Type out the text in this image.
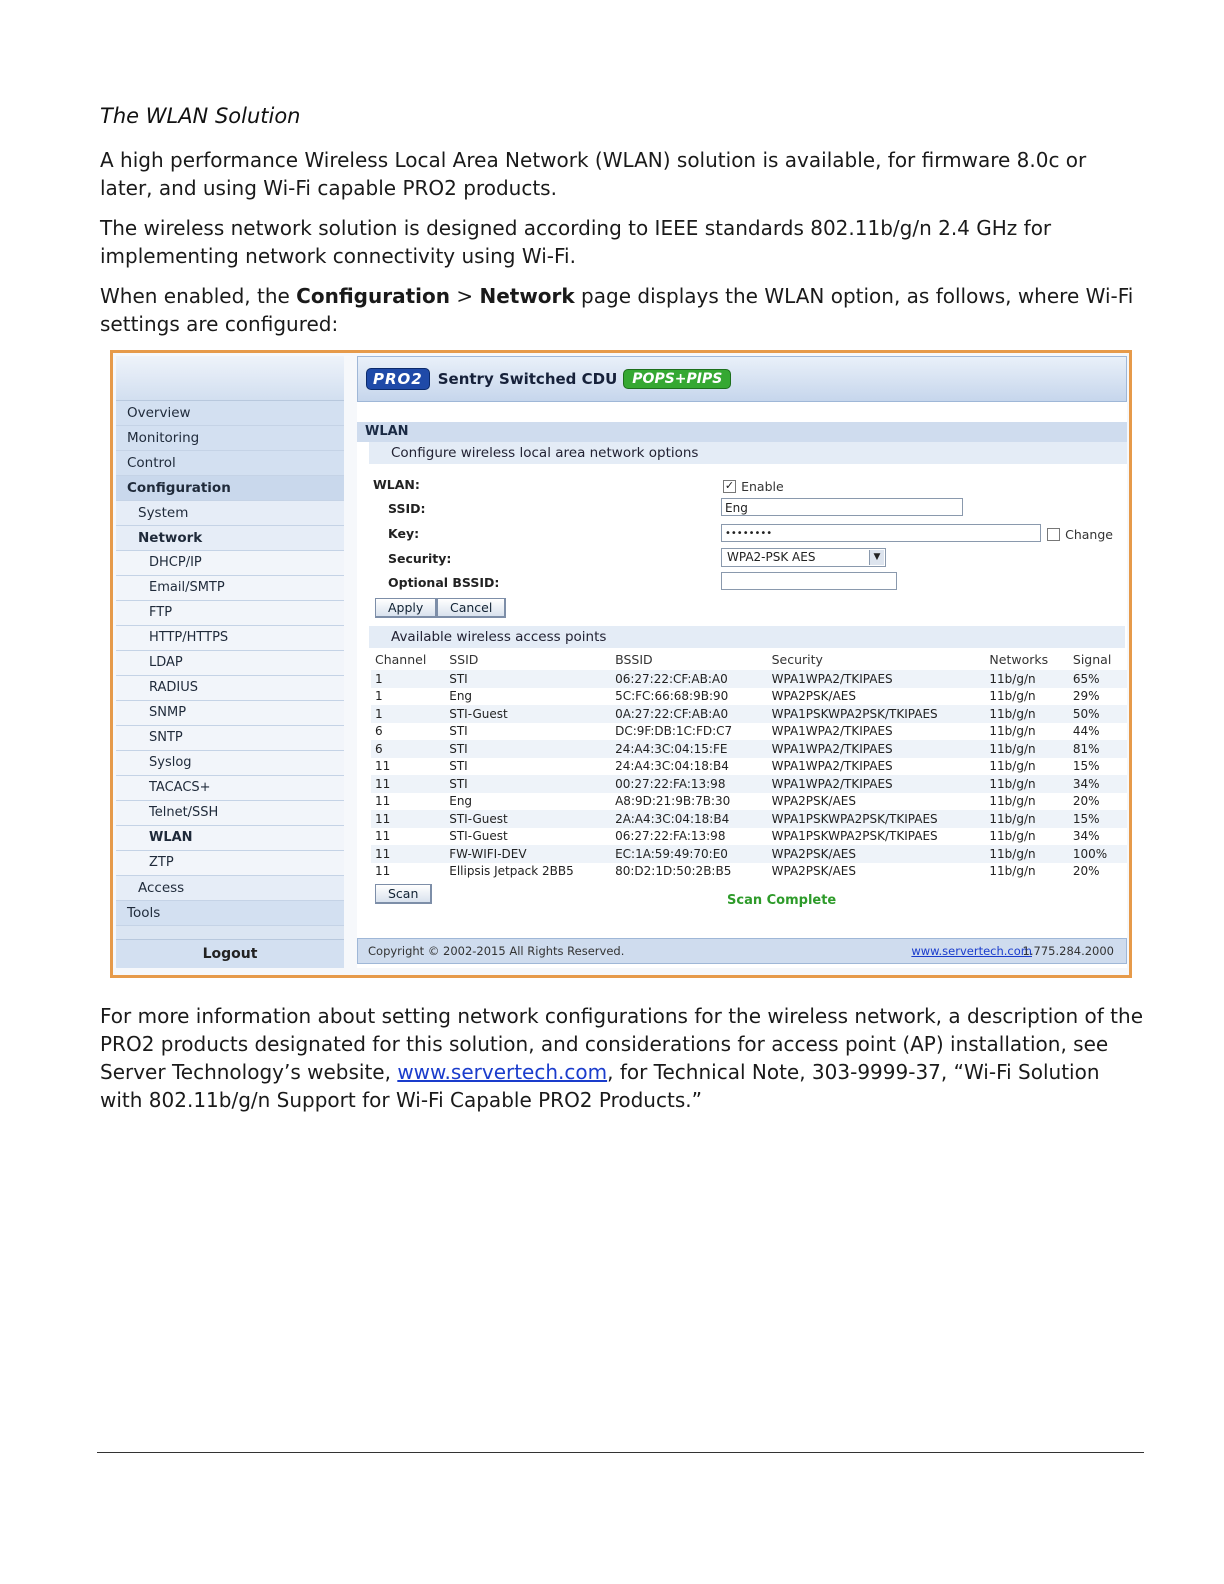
The WLAN Solution

A high performance Wireless Local Area Network (WLAN) solution is available, for firmware 8.0c or later, and using Wi-Fi capable PRO2 products.

The wireless network solution is designed according to IEEE standards 802.11b/g/n 2.4 GHz for implementing network connectivity using Wi-Fi.

When enabled, the Configuration > Network page displays the WLAN option, as follows, where Wi-Fi settings are configured:

Overview
Monitoring
Control
Configuration
System
Network
DHCP/IP
Email/SMTP
FTP
HTTP/HTTPS
LDAP
RADIUS
SNMP
SNTP
Syslog
TACACS+
Telnet/SSH
WLAN
ZTP
Access
Tools
Logout
PRO2	Sentry Switched CDU	POPS+PIPS
WLAN
Configure wireless local area network options
WLAN:	✓ Enable
SSID:	Eng
Key:	••••••••	Change
Security:	WPA2-PSK AES	▼
Optional BSSID:
Apply	Cancel
Available wireless access points
Channel	SSID	BSSID	Security	Networks	Signal
1	STI	06:27:22:CF:AB:A0	WPA1WPA2/TKIPAES	11b/g/n	65%
1	Eng	5C:FC:66:68:9B:90	WPA2PSK/AES	11b/g/n	29%
1	STI-Guest	0A:27:22:CF:AB:A0	WPA1PSKWPA2PSK/TKIPAES	11b/g/n	50%
6	STI	DC:9F:DB:1C:FD:C7	WPA1WPA2/TKIPAES	11b/g/n	44%
6	STI	24:A4:3C:04:15:FE	WPA1WPA2/TKIPAES	11b/g/n	81%
11	STI	24:A4:3C:04:18:B4	WPA1WPA2/TKIPAES	11b/g/n	15%
11	STI	00:27:22:FA:13:98	WPA1WPA2/TKIPAES	11b/g/n	34%
11	Eng	A8:9D:21:9B:7B:30	WPA2PSK/AES	11b/g/n	20%
11	STI-Guest	2A:A4:3C:04:18:B4	WPA1PSKWPA2PSK/TKIPAES	11b/g/n	15%
11	STI-Guest	06:27:22:FA:13:98	WPA1PSKWPA2PSK/TKIPAES	11b/g/n	34%
11	FW-WIFI-DEV	EC:1A:59:49:70:E0	WPA2PSK/AES	11b/g/n	100%
11	Ellipsis Jetpack 2BB5	80:D2:1D:50:2B:B5	WPA2PSK/AES	11b/g/n	20%
Scan	Scan Complete
Copyright © 2002-2015 All Rights Reserved.	www.servertech.com
1.775.284.2000

For more information about setting network configurations for the wireless network, a description of the PRO2 products designated for this solution, and considerations for access point (AP) installation, see Server Technology’s website, www.servertech.com, for Technical Note, 303-9999-37, “Wi-Fi Solution with 802.11b/g/n Support for Wi-Fi Capable PRO2 Products.”
